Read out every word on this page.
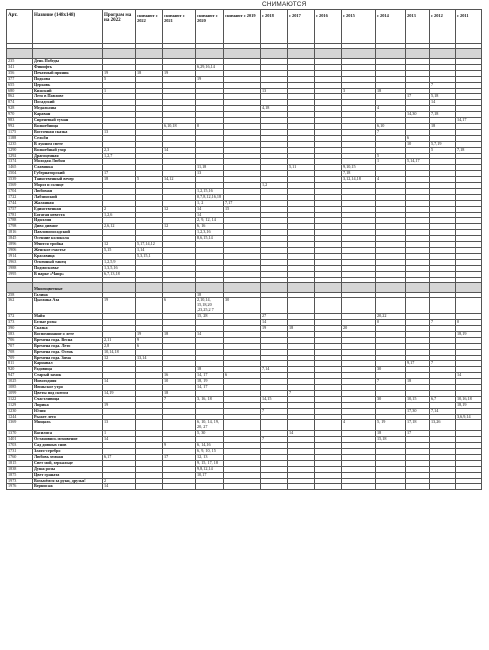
СНИМАЮТСЯ
Арт.	Назвние (148х148)	Програм ма на 2022	снимают с 2022	снимают с 2021	снимают с 2020	снимают с 2019	с 2018	с 2017	с 2016	с 2015	с 2014	2013	с 2012	с 2011

235	День Победы													
341	Финифть				6,29,16,14									
356	Печатный пряник	19	18	19										
377	Подкова	5			19									
655	Церковь												7	
680	Кижский	1					13			3	18			
862	Лето в Павлове											17	5,18	
874	Посадский												14	
928	Медальоны						4,18				4			
970	Караван											14,30	7,18	
983	Сиреневый туман													14,17
992	Волшебница			6,10,18	0						6,10		18	
1175	Восточная сказка	13									7			
1188	Сельби											6		
1235	В лунном свете											10	5,7,19	
1290	Волшебный узор	2,3		14									5	7,18
1292	Драгоценная	1,2,7									5			
1374	Молодая Любня										1	5,14,17		
1465	Славянка				11,18			5,11		9,10,15				
1504	Губернаторский	17			13					7,18				
1539	Таинственный вечер	18	5	14,12						3,12,14,18	4			
1569	Мороз и солнце						1,2							
1704	Любимая				1,2,15,16									
1722	Лабзинский				0,7,8,12,16,18									
1744	Жаланная				1, 2	7,17								
1757	Единственная	2		12	14	15								
1781	Богатая невеста	1,2,6			14									
1788	Идиллия				2, 9, 12, 14									
1798	Диво дивное	2,6,12		12	6, 16									
1816	Павловопосадский				1,2,3,16									
1845	Осенние колокола				8,6,15,14									
1896	Мчится тройка	12	5,17,14,12											
1906	Женское счастье	5,15	1,14											
1914	Красавица		5,3,15,1											
1963	Огненный танец	1,2,5,9												
1988	Подмосковье	1,3,5,16												
1995	В парке «Чаир»	6,7,13,18												

	Многоцветные													
258	Галина				18									
362	Цыганка Аза	19		6	2,10,14, 15,18,20 ,23,25,2 7	30								
372	Майя				15, 28		27				20,22			
373	Белые розы						14				0		7	0
390	Сказка						19	18		20				
583	Воспоминание о лете		19	18	14									18,19
706	Времена года. Весна	2,11	9											
707	Времена года. Лето	2,8	6											
708	Времена года. Осень	10,14,18												
709	Времена года. Зима	12	13,14											
811	Карнавал											9,17	7	
920	Радовица				18		7,14				30			
947	Старый замок			16	14, 17	6								14
1025	Новогодняя	14		10	18, 19						7	18		
1085	Июньское утро				14, 17									
1099	Цветы под снегом	14,19		18				7						
1122	Счастливица			7	3, 16, 18		14,15				30	10,15	6,7	10,16,18
1129	Лирика	19												18,19
1230	Юлия						7					17,30	7,14	
1244	Рыжее лето													3,6,9,14
1369	Мнщаль	13			6, 10, 14, 19, 20, 27					4	5, 19	17,18	13,26	
1370	Василиса	1			5, 30			14			18	17		
1401	Остановись мгновение	14					7				15,18			
1703	Сад дивных снов			9	6, 14,16									
1731	Злато-серебро				6, 9, 10, 15									
1760	Любовь земная	6,17		17	12, 13									
1815	Свет мой, зеркальце				9, 15, 17, 18									
1838	Душа розы				9,8,12,14									
1875	Цвет граната				10,17									
1973	Возьмёмся за руки, друзья!	2												
1976	Вернисаж	14												
